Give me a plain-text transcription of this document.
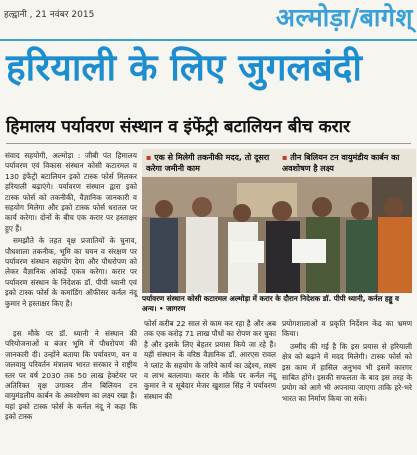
हल्द्वानी , 21 नवंबर 2015	अल्मोड़ा/बागेश्
हरियाली के लिए जुगलबंदी
हिमालय पर्यावरण संस्थान व इंफेंट्री बटालियन बीच करार

संवाद सहयोगी, अल्मोड़ा : जीबी पंत हिमालय पर्यावरण एवं विकास संस्थान कोसी कटारमल व 130 इंफेंट्री बटालियन इको टास्क फोर्स मिलकर हरियाली बढ़ाएंगे। पर्यावरण संस्थान द्वारा इको टास्क फोर्स को तकनीकी, वैज्ञानिक जानकारी व सहयोग मिलेगा और इको टास्क फोर्स धरातल पर कार्य करेगा। दोनों के बीच एक करार पर हस्ताक्षर हुए हैं।

समझौते के तहत वृक्ष प्रजातियों के चुनाव, पौधशाला तकनीक, भूमि का चयन व संरक्षण पर पर्यावरण संस्थान सहयोग देगा और पौधरोपण को लेकर वैज्ञानिक आंकड़े एकत्र करेगा। करार पर पर्यावरण संस्थान के निदेशक डॉ. पीपी ध्यानी एवं इको टास्क फोर्स के कमांडिंग ऑफीसर कर्नल नंदू कुमार ने हस्ताक्षर किए हैं।

▪ एक से मिलेगी तकनीकी मदद, तो दूसरा करेगा जमीनी काम
▪ तीन बिलियन टन वायुमंडीय कार्बन का अवशोषण है लक्ष्य
पर्यावरण संस्थान कोसी कटारमल अल्मोड़ा में करार के दौरान निदेशक डॉ. पीपी ध्यानी, कर्नल हड्डू व अन्य। • जागरण

इस मौके पर डॉ. ध्यानी ने संस्थान की परियोजनाओं व बंजर भूमि में पौधरोपण की जानकारी दी। उन्होंने बताया कि पर्यावरण, वन व जलवायु परिवर्तन मंत्रालय भारत सरकार ने राष्ट्रीय स्तर पर वर्ष 2030 तक 50 लाख हेक्टेयर पर अतिरिक्त वृक्ष उगाकर तीन बिलियन टन वायुमंडलीय कार्बन के अवशोषण का लक्ष्य रखा है। यहां इको टास्क फोर्स के कर्नल नंदू ने कहा कि इको टास्क

फोर्स करीब 22 साल से काम कर रहा है और अब तक एक करोड़ 71 लाख पौधों का रोपण कर चुका है और इसके लिए बेहतर प्रयास किये जा रहे हैं। यहीं संस्थान के वरिष्ठ वैज्ञानिक डॉ. आरएस रावल ने प्लांट के सहयोग के जरिये कार्य का उद्देश्य, लक्ष्य व लाभ बतलाया। करार के मौके पर कर्नल नंदू कुमार ने व सूबेदार मेजर खुशाल सिंह ने पर्यावरण संस्थान की

प्रयोगशालाओं व प्रकृति निर्देशन केंद्र का भ्रमण किया।

उम्मीद की गई है कि इस प्रयास से हरियाली क्षेत्र को बढ़ाने में मदद मिलेगी। टास्क फोर्स को इस काम में हासिल अनुभव भी इसमें कारगर साबित होंगे। इसकी सफलता के बाद इस तरह के प्रयोग को आगे भी अपनाया जाएगा ताकि हरे-भरे भारत का निर्माण किया जा सके।
